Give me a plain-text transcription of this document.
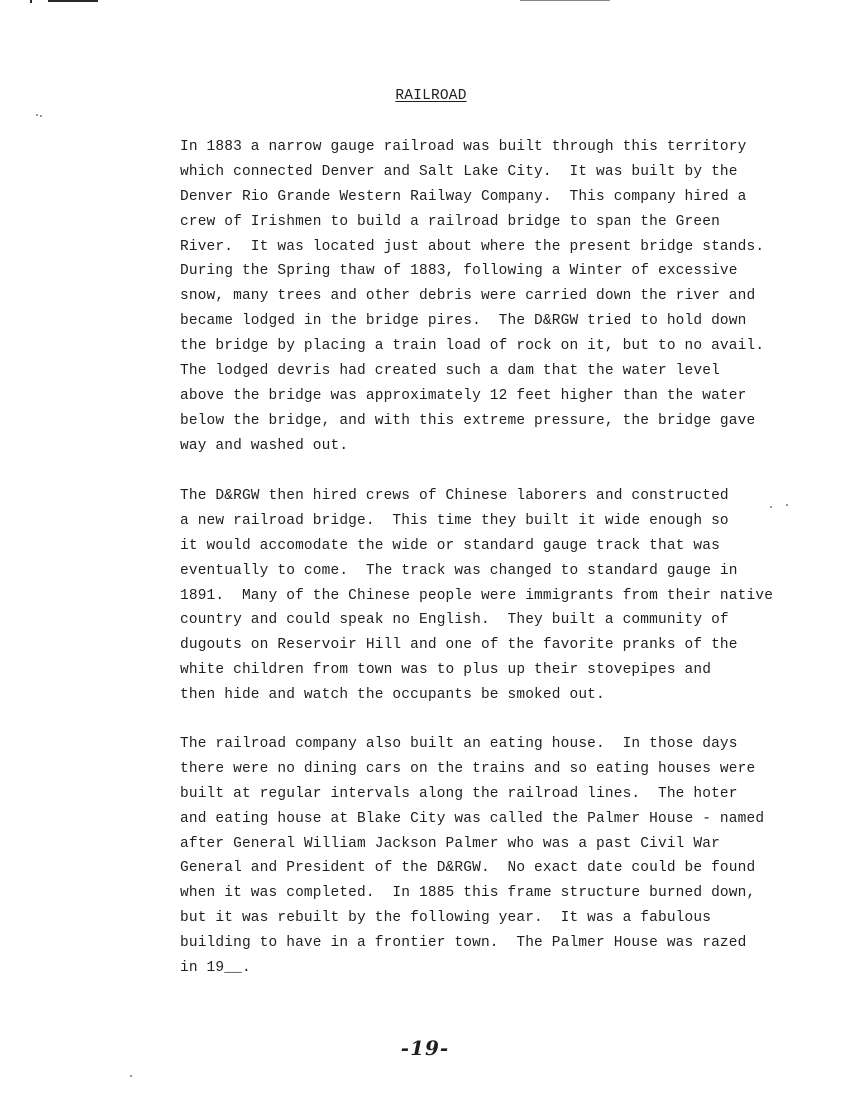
RAILROAD
In 1883 a narrow gauge railroad was built through this territory
which connected Denver and Salt Lake City.  It was built by the
Denver Rio Grande Western Railway Company.  This company hired a
crew of Irishmen to build a railroad bridge to span the Green
River.  It was located just about where the present bridge stands.
During the Spring thaw of 1883, following a Winter of excessive
snow, many trees and other debris were carried down the river and
became lodged in the bridge pires.  The D&RGW tried to hold down
the bridge by placing a train load of rock on it, but to no avail.
The lodged devris had created such a dam that the water level
above the bridge was approximately 12 feet higher than the water
below the bridge, and with this extreme pressure, the bridge gave
way and washed out.
The D&RGW then hired crews of Chinese laborers and constructed
a new railroad bridge.  This time they built it wide enough so
it would accomodate the wide or standard gauge track that was
eventually to come.  The track was changed to standard gauge in
1891.  Many of the Chinese people were immigrants from their native
country and could speak no English.  They built a community of
dugouts on Reservoir Hill and one of the favorite pranks of the
white children from town was to plus up their stovepipes and
then hide and watch the occupants be smoked out.
The railroad company also built an eating house.  In those days
there were no dining cars on the trains and so eating houses were
built at regular intervals along the railroad lines.  The hoter
and eating house at Blake City was called the Palmer House - named
after General William Jackson Palmer who was a past Civil War
General and President of the D&RGW.  No exact date could be found
when it was completed.  In 1885 this frame structure burned down,
but it was rebuilt by the following year.  It was a fabulous
building to have in a frontier town.  The Palmer House was razed
in 19__.
-19-
